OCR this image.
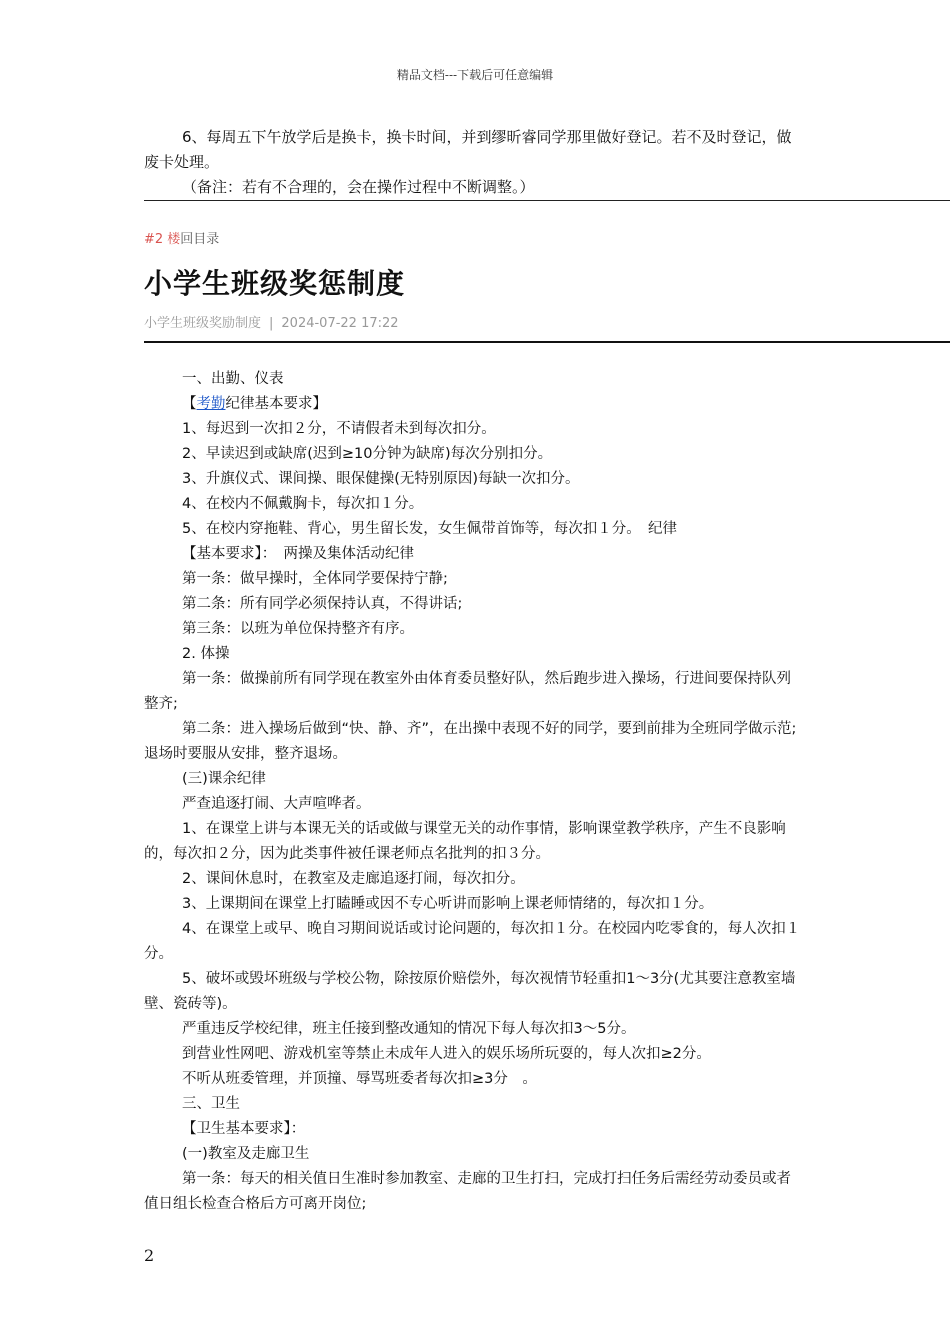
精品文档---下载后可任意编辑

6、每周五下午放学后是换卡，换卡时间，并到缪昕睿同学那里做好登记。若不及时登记，做废卡处理。

（备注：若有不合理的，会在操作过程中不断调整。）

#2 楼回目录
小学生班级奖惩制度
小学生班级奖励制度 | 2024-07-22 17:22

一、出勤、仪表

【考勤纪律基本要求】

1、每迟到一次扣２分，不请假者未到每次扣分。

2、早读迟到或缺席(迟到≥10分钟为缺席)每次分别扣分。

3、升旗仪式、课间操、眼保健操(无特别原因)每缺一次扣分。

4、在校内不佩戴胸卡，每次扣１分。

5、在校内穿拖鞋、背心，男生留长发，女生佩带首饰等，每次扣１分。　纪律

【基本要求】：　两操及集体活动纪律

第一条：做早操时，全体同学要保持宁静;

第二条：所有同学必须保持认真，不得讲话;

第三条：以班为单位保持整齐有序。

2. 体操

第一条：做操前所有同学现在教室外由体育委员整好队，然后跑步进入操场，行进间要保持队列整齐;

第二条：进入操场后做到“快、静、齐”，在出操中表现不好的同学，要到前排为全班同学做示范;退场时要服从安排，整齐退场。

(三)课余纪律

严查追逐打闹、大声喧哗者。

1、在课堂上讲与本课无关的话或做与课堂无关的动作事情，影响课堂教学秩序，产生不良影响的，每次扣２分，因为此类事件被任课老师点名批判的扣３分。

2、课间休息时，在教室及走廊追逐打闹，每次扣分。

3、上课期间在课堂上打瞌睡或因不专心听讲而影响上课老师情绪的，每次扣１分。

4、在课堂上或早、晚自习期间说话或讨论问题的，每次扣１分。在校园内吃零食的，每人次扣１分。

5、破坏或毁坏班级与学校公物，除按原价赔偿外，每次视情节轻重扣1～3分(尤其要注意教室墙壁、瓷砖等)。

严重违反学校纪律，班主任接到整改通知的情况下每人每次扣3～5分。

到营业性网吧、游戏机室等禁止未成年人进入的娱乐场所玩耍的，每人次扣≥2分。

不听从班委管理，并顶撞、辱骂班委者每次扣≥3分　。

三、卫生

【卫生基本要求】：

(一)教室及走廊卫生

第一条：每天的相关值日生准时参加教室、走廊的卫生打扫，完成打扫任务后需经劳动委员或者值日组长检查合格后方可离开岗位;

2
